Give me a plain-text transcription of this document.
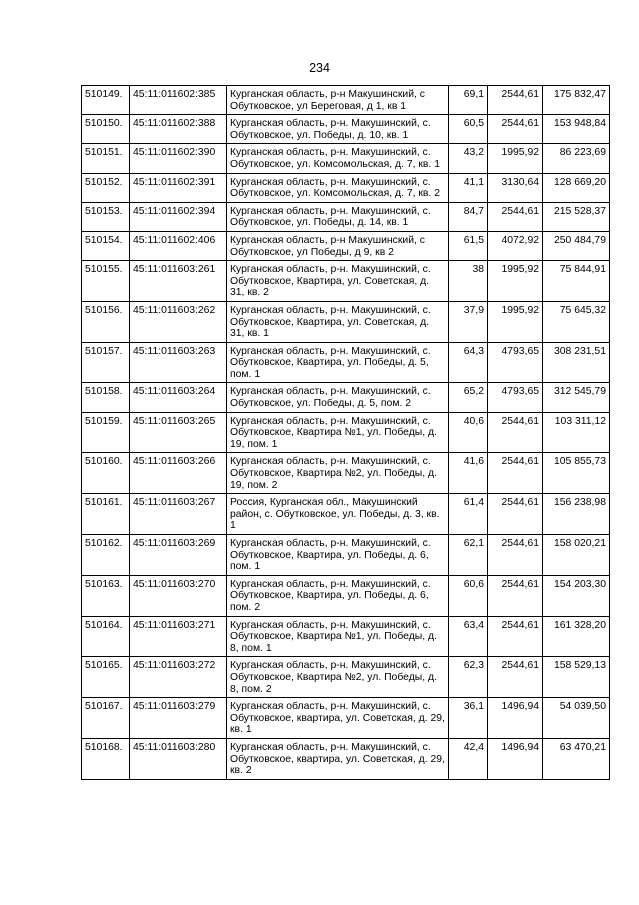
234
510149.	45:11:011602:385	Курганская область, р-н Макушинский, с Обутковское, ул Береговая, д 1, кв 1	69,1	2544,61	175 832,47
510150.	45:11:011602:388	Курганская область, р-н. Макушинский, с. Обутковское, ул. Победы, д. 10, кв. 1	60,5	2544,61	153 948,84
510151.	45:11:011602:390	Курганская область, р-н. Макушинский, с. Обутковское, ул. Комсомольская, д. 7, кв. 1	43,2	1995,92	86 223,69
510152.	45:11:011602:391	Курганская область, р-н. Макушинский, с. Обутковское, ул. Комсомольская, д. 7, кв. 2	41,1	3130,64	128 669,20
510153.	45:11:011602:394	Курганская область, р-н. Макушинский, с. Обутковское, ул. Победы, д. 14, кв. 1	84,7	2544,61	215 528,37
510154.	45:11:011602:406	Курганская область, р-н Макушинский, с Обутковское, ул Победы, д 9, кв 2	61,5	4072,92	250 484,79
510155.	45:11:011603:261	Курганская область, р-н. Макушинский, с. Обутковское, Квартира, ул. Советская, д. 31, кв. 2	38	1995,92	75 844,91
510156.	45:11:011603:262	Курганская область, р-н. Макушинский, с. Обутковское, Квартира, ул. Советская, д. 31, кв. 1	37,9	1995,92	75 645,32
510157.	45:11:011603:263	Курганская область, р-н. Макушинский, с. Обутковское, Квартира, ул. Победы, д. 5, пом. 1	64,3	4793,65	308 231,51
510158.	45:11:011603:264	Курганская область, р-н. Макушинский, с. Обутковское, ул. Победы, д. 5, пом. 2	65,2	4793,65	312 545,79
510159.	45:11:011603:265	Курганская область, р-н. Макушинский, с. Обутковское, Квартира №1, ул. Победы, д. 19, пом. 1	40,6	2544,61	103 311,12
510160.	45:11:011603:266	Курганская область, р-н. Макушинский, с. Обутковское, Квартира №2, ул. Победы, д. 19, пом. 2	41,6	2544,61	105 855,73
510161.	45:11:011603:267	Россия, Курганская обл., Макушинский район, с. Обутковское, ул. Победы, д. 3, кв. 1	61,4	2544,61	156 238,98
510162.	45:11:011603:269	Курганская область, р-н. Макушинский, с. Обутковское, Квартира, ул. Победы, д. 6, пом. 1	62,1	2544,61	158 020,21
510163.	45:11:011603:270	Курганская область, р-н. Макушинский, с. Обутковское, Квартира, ул. Победы, д. 6, пом. 2	60,6	2544,61	154 203,30
510164.	45:11:011603:271	Курганская область, р-н. Макушинский, с. Обутковское, Квартира №1, ул. Победы, д. 8, пом. 1	63,4	2544,61	161 328,20
510165.	45:11:011603:272	Курганская область, р-н. Макушинский, с. Обутковское, Квартира №2, ул. Победы, д. 8, пом. 2	62,3	2544,61	158 529,13
510167.	45:11:011603:279	Курганская область, р-н. Макушинский, с. Обутковское, квартира, ул. Советская, д. 29, кв. 1	36,1	1496,94	54 039,50
510168.	45:11:011603:280	Курганская область, р-н. Макушинский, с. Обутковское, квартира, ул. Советская, д. 29, кв. 2	42,4	1496,94	63 470,21
